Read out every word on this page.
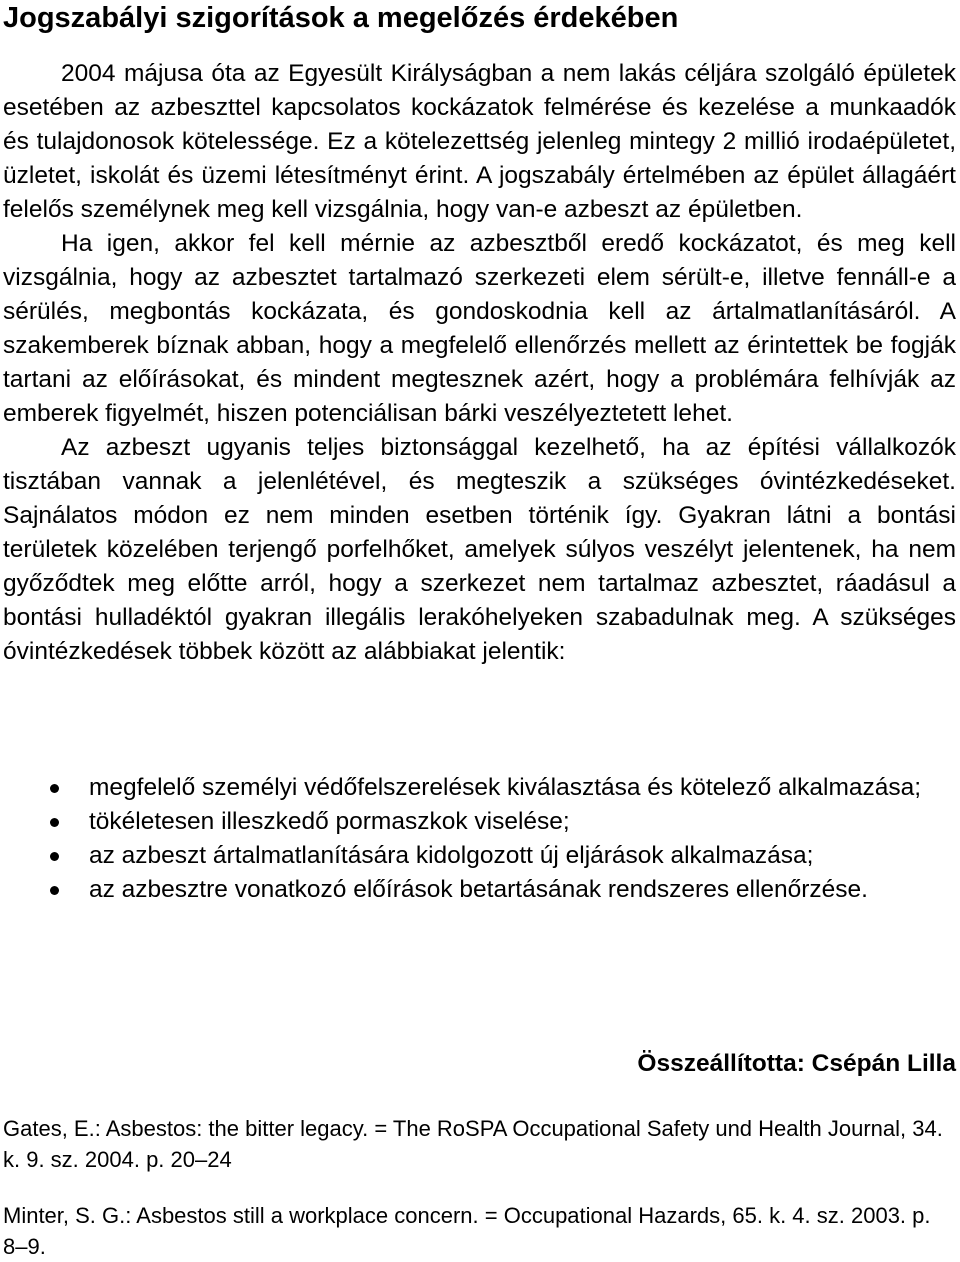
Jogszabályi szigorítások a megelőzés érdekében

2004 májusa óta az Egyesült Királyságban a nem lakás céljára szolgáló épületek esetében az azbeszttel kapcsolatos kockázatok felmérése és kezelése a munkaadók és tulajdonosok kötelessége. Ez a kötelezettség jelenleg mintegy 2 millió irodaépületet, üzletet, iskolát és üzemi létesítményt érint. A jogszabály értelmében az épület állagáért felelős személynek meg kell vizsgálnia, hogy van-e azbeszt az épületben.

Ha igen, akkor fel kell mérnie az azbesztből eredő kockázatot, és meg kell vizsgálnia, hogy az azbesztet tartalmazó szerkezeti elem sérült-e, illetve fennáll-e a sérülés, megbontás kockázata, és gondoskodnia kell az ártalmatlanításáról. A szakemberek bíznak abban, hogy a megfelelő ellenőrzés mellett az érintettek be fogják tartani az előírásokat, és mindent megtesznek azért, hogy a problémára felhívják az emberek figyelmét, hiszen potenciálisan bárki veszélyeztetett lehet.

Az azbeszt ugyanis teljes biztonsággal kezelhető, ha az építési vállalkozók tisztában vannak a jelenlétével, és megteszik a szükséges óvintézkedéseket. Sajnálatos módon ez nem minden esetben történik így. Gyakran látni a bontási területek közelében terjengő porfelhőket, amelyek súlyos veszélyt jelentenek, ha nem győződtek meg előtte arról, hogy a szerkezet nem tartalmaz azbesztet, ráadásul a bontási hulladéktól gyakran illegális lerakóhelyeken szabadulnak meg. A szükséges óvintézkedések többek között az alábbiakat jelentik:

megfelelő személyi védőfelszerelések kiválasztása és kötelező alkalmazása;
tökéletesen illeszkedő pormaszkok viselése;
az azbeszt ártalmatlanítására kidolgozott új eljárások alkalmazása;
az azbesztre vonatkozó előírások betartásának rendszeres ellenőrzése.
Összeállította: Csépán Lilla
Gates, E.: Asbestos: the bitter legacy. = The RoSPA Occupational Safety und Health Journal, 34. k. 9. sz. 2004. p. 20–24
Minter, S. G.: Asbestos still a workplace concern. = Occupational Hazards, 65. k. 4. sz. 2003. p. 8–9.
